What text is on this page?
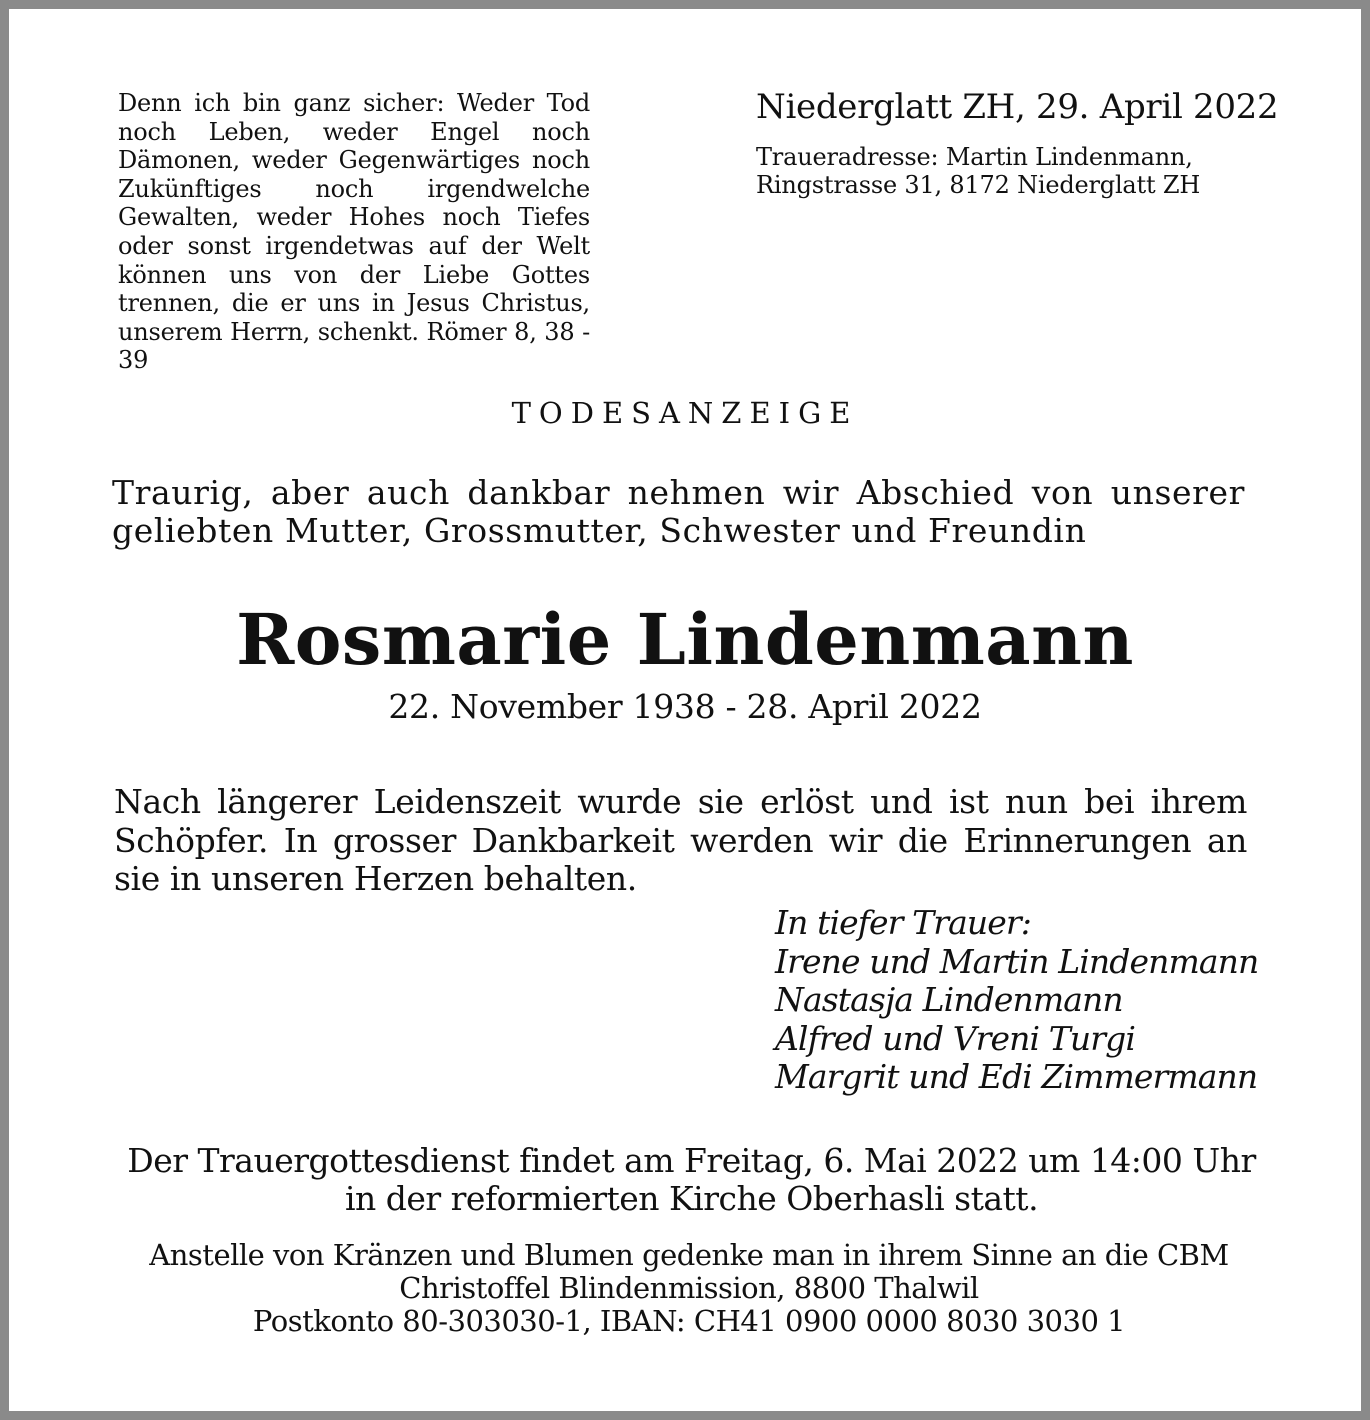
Denn ich bin ganz sicher: Weder Tod noch Leben, weder Engel noch Dämonen, weder Gegenwärtiges noch Zukünftiges noch irgendwelche Gewalten, weder Hohes noch Tiefes oder sonst irgendetwas auf der Welt können uns von der Liebe Gottes trennen, die er uns in Jesus Christus, unserem Herrn, schenkt. Römer 8, 38 - 39
Niederglatt ZH, 29. April 2022
Traueradresse: Martin Lindenmann,
Ringstrasse 31, 8172 Niederglatt ZH
TODESANZEIGE
Traurig, aber auch dankbar nehmen wir Abschied von unserer
geliebten Mutter, Grossmutter, Schwester und Freundin
Rosmarie Lindenmann
22. November 1938 - 28. April 2022
Nach längerer Leidenszeit wurde sie erlöst und ist nun bei ihrem Schöpfer. In grosser Dankbarkeit werden wir die Erinnerungen an sie in unseren Herzen behalten.
In tiefer Trauer:
Irene und Martin Lindenmann
Nastasja Lindenmann
Alfred und Vreni Turgi
Margrit und Edi Zimmermann
Der Trauergottesdienst findet am Freitag, 6. Mai 2022 um 14:00 Uhr
in der reformierten Kirche Oberhasli statt.
Anstelle von Kränzen und Blumen gedenke man in ihrem Sinne an die CBM
Christoffel Blindenmission, 8800 Thalwil
Postkonto 80-303030-1, IBAN: CH41 0900 0000 8030 3030 1
